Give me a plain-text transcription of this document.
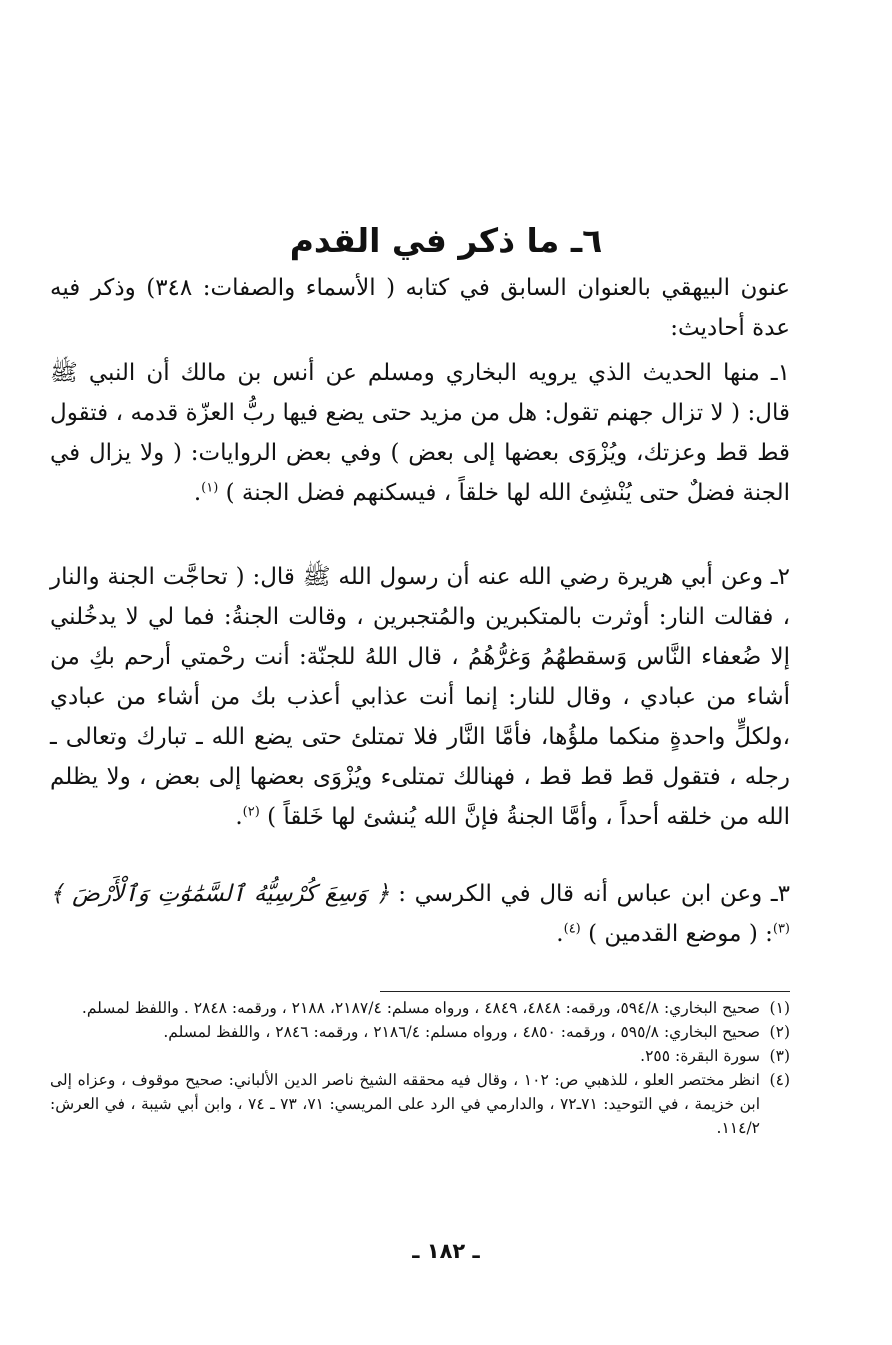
٦ـ ما ذكر في القدم

عنون البيهقي بالعنوان السابق في كتابه ( الأسماء والصفات: ٣٤٨) وذكر فيه عدة أحاديث:

١ـ منها الحديث الذي يرويه البخاري ومسلم عن أنس بن مالك أن النبي ﷺ قال: ( لا تزال جهنم تقول: هل من مزيد حتى يضع فيها ربُّ العزّة قدمه ، فتقول قط قط وعزتك، ويُزْوَى بعضها إلى بعض ) وفي بعض الروايات: ( ولا يزال في الجنة فضلٌ حتى يُنْشِئ الله لها خلقاً ، فيسكنهم فضل الجنة ) $^{(١)}$.

٢ـ وعن أبي هريرة رضي الله عنه أن رسول الله ﷺ قال: ( تحاجَّت الجنة والنار ، فقالت النار: أوثرت بالمتكبرين والمُتجبرين ، وقالت الجنةُ: فما لي لا يدخُلني إلا ضُعفاء النَّاس وَسقطهُمُ وَغرُّهُمُ ، قال اللهُ للجنّة: أنت رحْمتي أرحم بكِ من أشاء من عبادي ، وقال للنار: إنما أنت عذابي أعذب بك من أشاء من عبادي ،ولكلٍّ واحدةٍ منكما ملؤُها، فأمَّا النَّار فلا تمتلئ حتى يضع الله ـ تبارك وتعالى ـ رجله ، فتقول قط قط قط ، فهنالك تمتلىء ويُزْوَى بعضها إلى بعض ، ولا يظلم الله من خلقه أحداً ، وأمَّا الجنةُ فإنَّ الله يُنشئ لها خَلقاً ) $^{(٢)}$.

٣ـ وعن ابن عباس أنه قال في الكرسي : ﴿ وَسِعَ كُرْسِيُّهُ ٱلسَّمَٰوَٰتِ وَٱلْأَرْضَ ﴾$^{(٣)}$: ( موضع القدمين ) $^{(٤)}$.

(١)
صحيح البخاري: ٥٩٤/٨، ورقمه: ٤٨٤٨، ٤٨٤٩ ، ورواه مسلم: ٢١٨٧/٤، ٢١٨٨ ، ورقمه: ٢٨٤٨ . واللفظ لمسلم.
(٢)
صحيح البخاري: ٥٩٥/٨ ، ورقمه: ٤٨٥٠ ، ورواه مسلم: ٢١٨٦/٤ ، ورقمه: ٢٨٤٦ ، واللفظ لمسلم.
(٣)
سورة البقرة: ٢٥٥.
(٤)
انظر مختصر العلو ، للذهبي ص: ١٠٢ ، وقال فيه محققه الشيخ ناصر الدين الألباني: صحيح موقوف ، وعزاه إلى ابن خزيمة ، في التوحيد: ٧١ـ٧٢ ، والدارمي في الرد على المريسي: ٧١، ٧٣ ـ ٧٤ ، وابن أبي شيبة ، في العرش: ١١٤/٢.
ـ ١٨٢ ـ
